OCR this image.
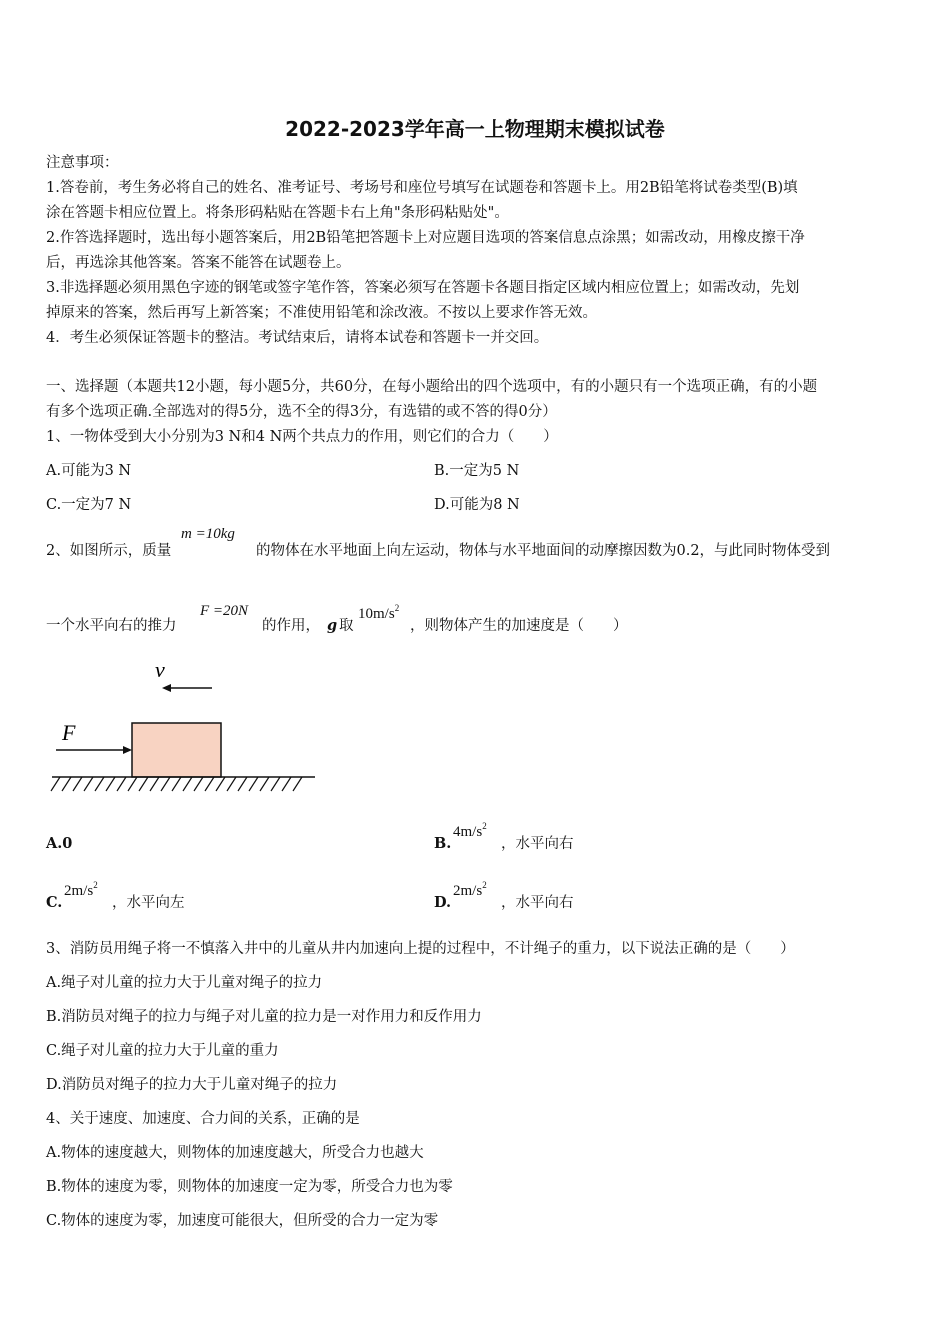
2022-2023学年高一上物理期末模拟试卷
注意事项：
1.答卷前，考生务必将自己的姓名、准考证号、考场号和座位号填写在试题卷和答题卡上。用2B铅笔将试卷类型(B)填
涂在答题卡相应位置上。将条形码粘贴在答题卡右上角"条形码粘贴处"。
2.作答选择题时，选出每小题答案后，用2B铅笔把答题卡上对应题目选项的答案信息点涂黑；如需改动，用橡皮擦干净
后，再选涂其他答案。答案不能答在试题卷上。
3.非选择题必须用黑色字迹的钢笔或签字笔作答，答案必须写在答题卡各题目指定区域内相应位置上；如需改动，先划
掉原来的答案，然后再写上新答案；不准使用铅笔和涂改液。不按以上要求作答无效。
4．考生必须保证答题卡的整洁。考试结束后，请将本试卷和答题卡一并交回。
一、选择题（本题共12小题，每小题5分，共60分，在每小题给出的四个选项中，有的小题只有一个选项正确，有的小题
有多个选项正确.全部选对的得5分，选不全的得3分，有选错的或不答的得0分）
1、一物体受到大小分别为3 N和4 N两个共点力的作用，则它们的合力（　　）
A.可能为3 N	B.一定为5 N
C.一定为7 N	D.可能为8 N
2、如图所示，质量
m =10kg
的物体在水平地面上向左运动，物体与水平地面间的动摩擦因数为0.2，与此同时物体受到
一个水平向右的推力
F =20N
的作用， g 取
$10m/s^2$
，则物体产生的加速度是（　　）
v
F
A.0	B.
$4m/s^2$
，水平向右
C.
$2m/s^2$
，水平向左	D.
$2m/s^2$
，水平向右
3、消防员用绳子将一不慎落入井中的儿童从井内加速向上提的过程中，不计绳子的重力，以下说法正确的是（　　）
A.绳子对儿童的拉力大于儿童对绳子的拉力
B.消防员对绳子的拉力与绳子对儿童的拉力是一对作用力和反作用力
C.绳子对儿童的拉力大于儿童的重力
D.消防员对绳子的拉力大于儿童对绳子的拉力
4、关于速度、加速度、合力间的关系，正确的是
A.物体的速度越大，则物体的加速度越大，所受合力也越大
B.物体的速度为零，则物体的加速度一定为零，所受合力也为零
C.物体的速度为零，加速度可能很大，但所受的合力一定为零
